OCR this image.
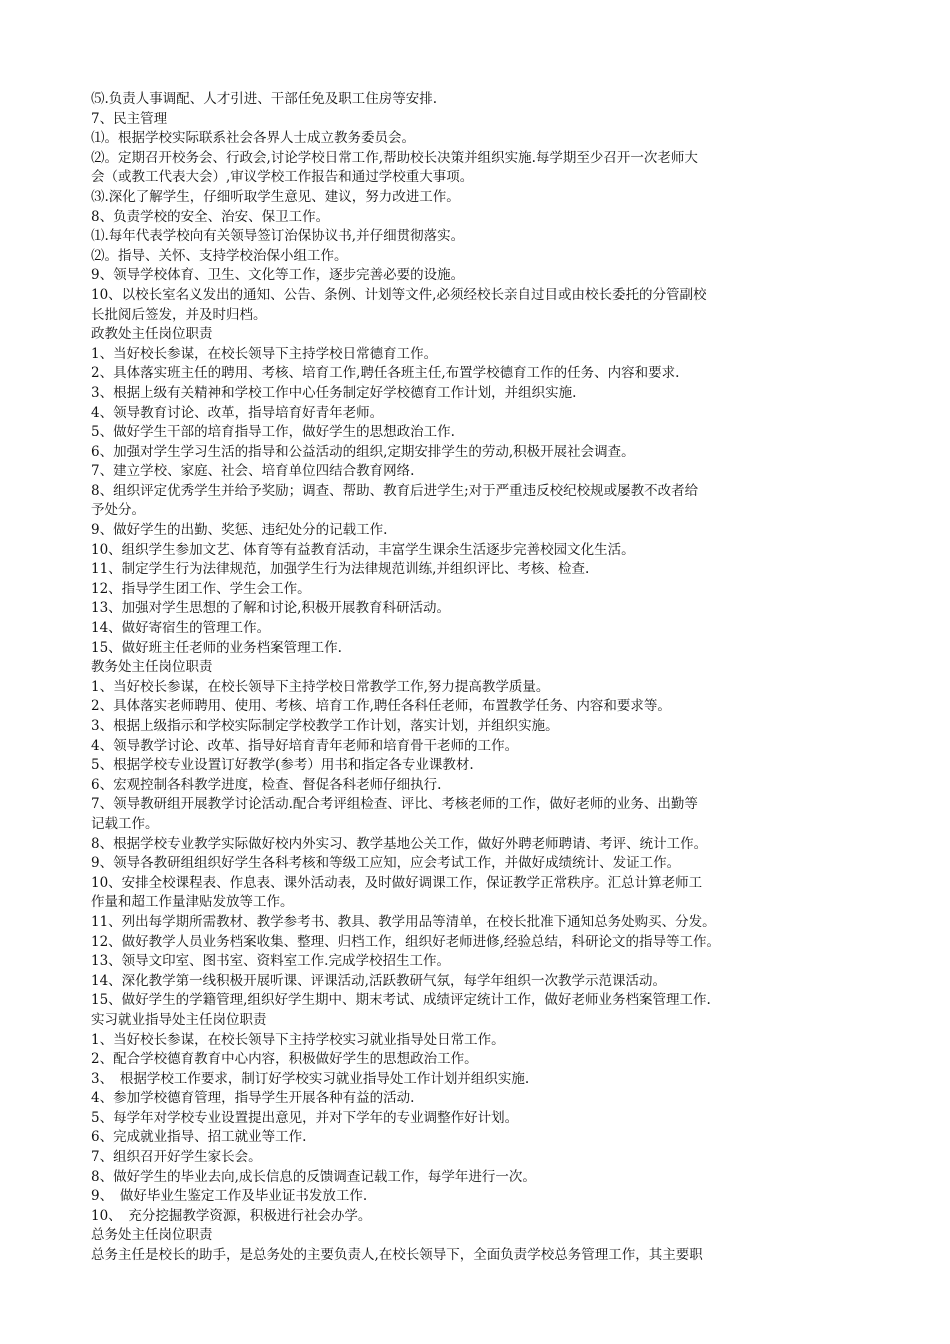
⑸.负责人事调配、人才引进、干部任免及职工住房等安排.
7、民主管理
⑴。根据学校实际联系社会各界人士成立教务委员会。
⑵。定期召开校务会、行政会,讨论学校日常工作,帮助校长决策并组织实施.每学期至少召开一次老师大
会（或教工代表大会）,审议学校工作报告和通过学校重大事项。
⑶.深化了解学生，仔细听取学生意见、建议，努力改进工作。
8、负责学校的安全、治安、保卫工作。
⑴.每年代表学校向有关领导签订治保协议书,并仔细贯彻落实。
⑵。指导、关怀、支持学校治保小组工作。
9、领导学校体育、卫生、文化等工作，逐步完善必要的设施。
10、以校长室名义发出的通知、公告、条例、计划等文件,必须经校长亲自过目或由校长委托的分管副校
长批阅后签发，并及时归档。
政教处主任岗位职责
1、当好校长参谋，在校长领导下主持学校日常德育工作。
2、具体落实班主任的聘用、考核、培育工作,聘任各班主任,布置学校德育工作的任务、内容和要求.
3、根据上级有关精神和学校工作中心任务制定好学校德育工作计划，并组织实施.
4、领导教育讨论、改革，指导培育好青年老师。
5、做好学生干部的培育指导工作，做好学生的思想政治工作.
6、加强对学生学习生活的指导和公益活动的组织,定期安排学生的劳动,积极开展社会调查。
7、建立学校、家庭、社会、培育单位四结合教育网络.
8、组织评定优秀学生并给予奖励；调查、帮助、教育后进学生;对于严重违反校纪校规或屡教不改者给
予处分。
9、做好学生的出勤、奖惩、违纪处分的记载工作.
10、组织学生参加文艺、体育等有益教育活动，丰富学生课余生活逐步完善校园文化生活。
11、制定学生行为法律规范，加强学生行为法律规范训练,并组织评比、考核、检查.
12、指导学生团工作、学生会工作。
13、加强对学生思想的了解和讨论,积极开展教育科研活动。
14、做好寄宿生的管理工作。
15、做好班主任老师的业务档案管理工作.
教务处主任岗位职责
1、当好校长参谋，在校长领导下主持学校日常教学工作,努力提高教学质量。
2、具体落实老师聘用、使用、考核、培育工作,聘任各科任老师，布置教学任务、内容和要求等。
3、根据上级指示和学校实际制定学校教学工作计划，落实计划，并组织实施。
4、领导教学讨论、改革、指导好培育青年老师和培育骨干老师的工作。
5、根据学校专业设置订好教学(参考）用书和指定各专业课教材.
6、宏观控制各科教学进度，检查、督促各科老师仔细执行.
7、领导教研组开展教学讨论活动.配合考评组检查、评比、考核老师的工作，做好老师的业务、出勤等
记载工作。
8、根据学校专业教学实际做好校内外实习、教学基地公关工作，做好外聘老师聘请、考评、统计工作。
9、领导各教研组组织好学生各科考核和等级工应知，应会考试工作，并做好成绩统计、发证工作。
10、安排全校课程表、作息表、课外活动表，及时做好调课工作，保证教学正常秩序。汇总计算老师工
作量和超工作量津贴发放等工作。
11、列出每学期所需教材、教学参考书、教具、教学用品等清单，在校长批准下通知总务处购买、分发。
12、做好教学人员业务档案收集、整理、归档工作，组织好老师进修,经验总结，科研论文的指导等工作。
13、领导文印室、图书室、资料室工作.完成学校招生工作。
14、深化教学第一线积极开展听课、评课活动,活跃教研气氛，每学年组织一次教学示范课活动。
15、做好学生的学籍管理,组织好学生期中、期末考试、成绩评定统计工作，做好老师业务档案管理工作.
实习就业指导处主任岗位职责
1、当好校长参谋，在校长领导下主持学校实习就业指导处日常工作。
2、配合学校德育教育中心内容，积极做好学生的思想政治工作。
3、　根据学校工作要求，制订好学校实习就业指导处工作计划并组织实施.
4、参加学校德育管理，指导学生开展各种有益的活动.
5、每学年对学校专业设置提出意见，并对下学年的专业调整作好计划。
6、完成就业指导、招工就业等工作.
7、组织召开好学生家长会。
8、做好学生的毕业去向,成长信息的反馈调查记载工作，每学年进行一次。
9、　做好毕业生鉴定工作及毕业证书发放工作.
10、　充分挖掘教学资源，积极进行社会办学。
总务处主任岗位职责
总务主任是校长的助手，是总务处的主要负责人,在校长领导下，全面负责学校总务管理工作，其主要职
